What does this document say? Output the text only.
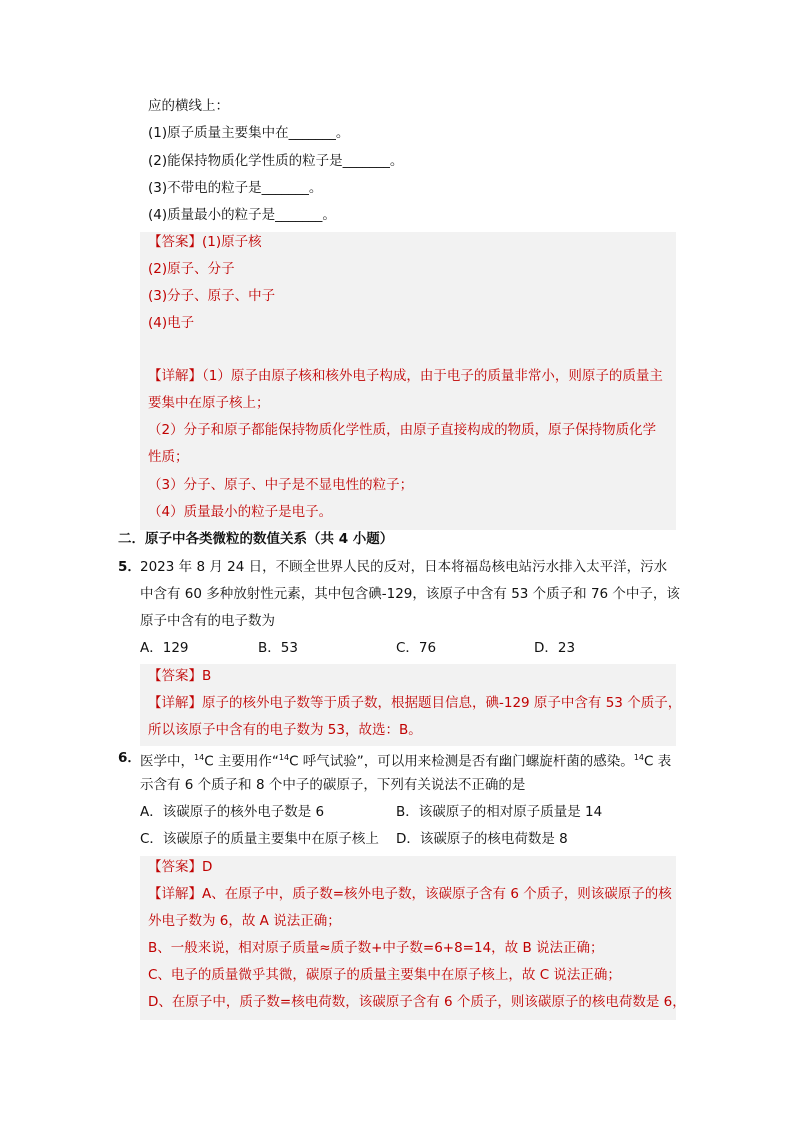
应的横线上：
(1)原子质量主要集中在_______。
(2)能保持物质化学性质的粒子是_______。
(3)不带电的粒子是_______。
(4)质量最小的粒子是_______。
【答案】(1)原子核
(2)原子、分子
(3)分子、原子、中子
(4)电子
【详解】（1）原子由原子核和核外电子构成，由于电子的质量非常小，则原子的质量主
要集中在原子核上；
（2）分子和原子都能保持物质化学性质，由原子直接构成的物质，原子保持物质化学
性质；
（3）分子、原子、中子是不显电性的粒子；
（4）质量最小的粒子是电子。
二．原子中各类微粒的数值关系（共 4 小题）
5． 2023 年 8 月 24 日，不顾全世界人民的反对，日本将福岛核电站污水排入太平洋，污水
中含有 60 多种放射性元素，其中包含碘-129，该原子中含有 53 个质子和 76 个中子，该
原子中含有的电子数为
A．129	B．53	C．76	D．23
【答案】B
【详解】原子的核外电子数等于质子数，根据题目信息，碘-129 原子中含有 53 个质子，
所以该原子中含有的电子数为 53，故选：B。
6． 医学中，$^{14}$C 主要用作“$^{14}$C 呼气试验”，可以用来检测是否有幽门螺旋杆菌的感染。$^{14}$C 表
示含有 6 个质子和 8 个中子的碳原子，下列有关说法不正确的是
A．该碳原子的核外电子数是 6	B．该碳原子的相对原子质量是 14
C．该碳原子的质量主要集中在原子核上 D．该碳原子的核电荷数是 8
【答案】D
【详解】A、在原子中，质子数=核外电子数，该碳原子含有 6 个质子，则该碳原子的核
外电子数为 6，故 A 说法正确；
B、一般来说，相对原子质量≈质子数+中子数=6+8=14，故 B 说法正确；
C、电子的质量微乎其微，碳原子的质量主要集中在原子核上，故 C 说法正确；
D、在原子中，质子数=核电荷数，该碳原子含有 6 个质子，则该碳原子的核电荷数是 6，
